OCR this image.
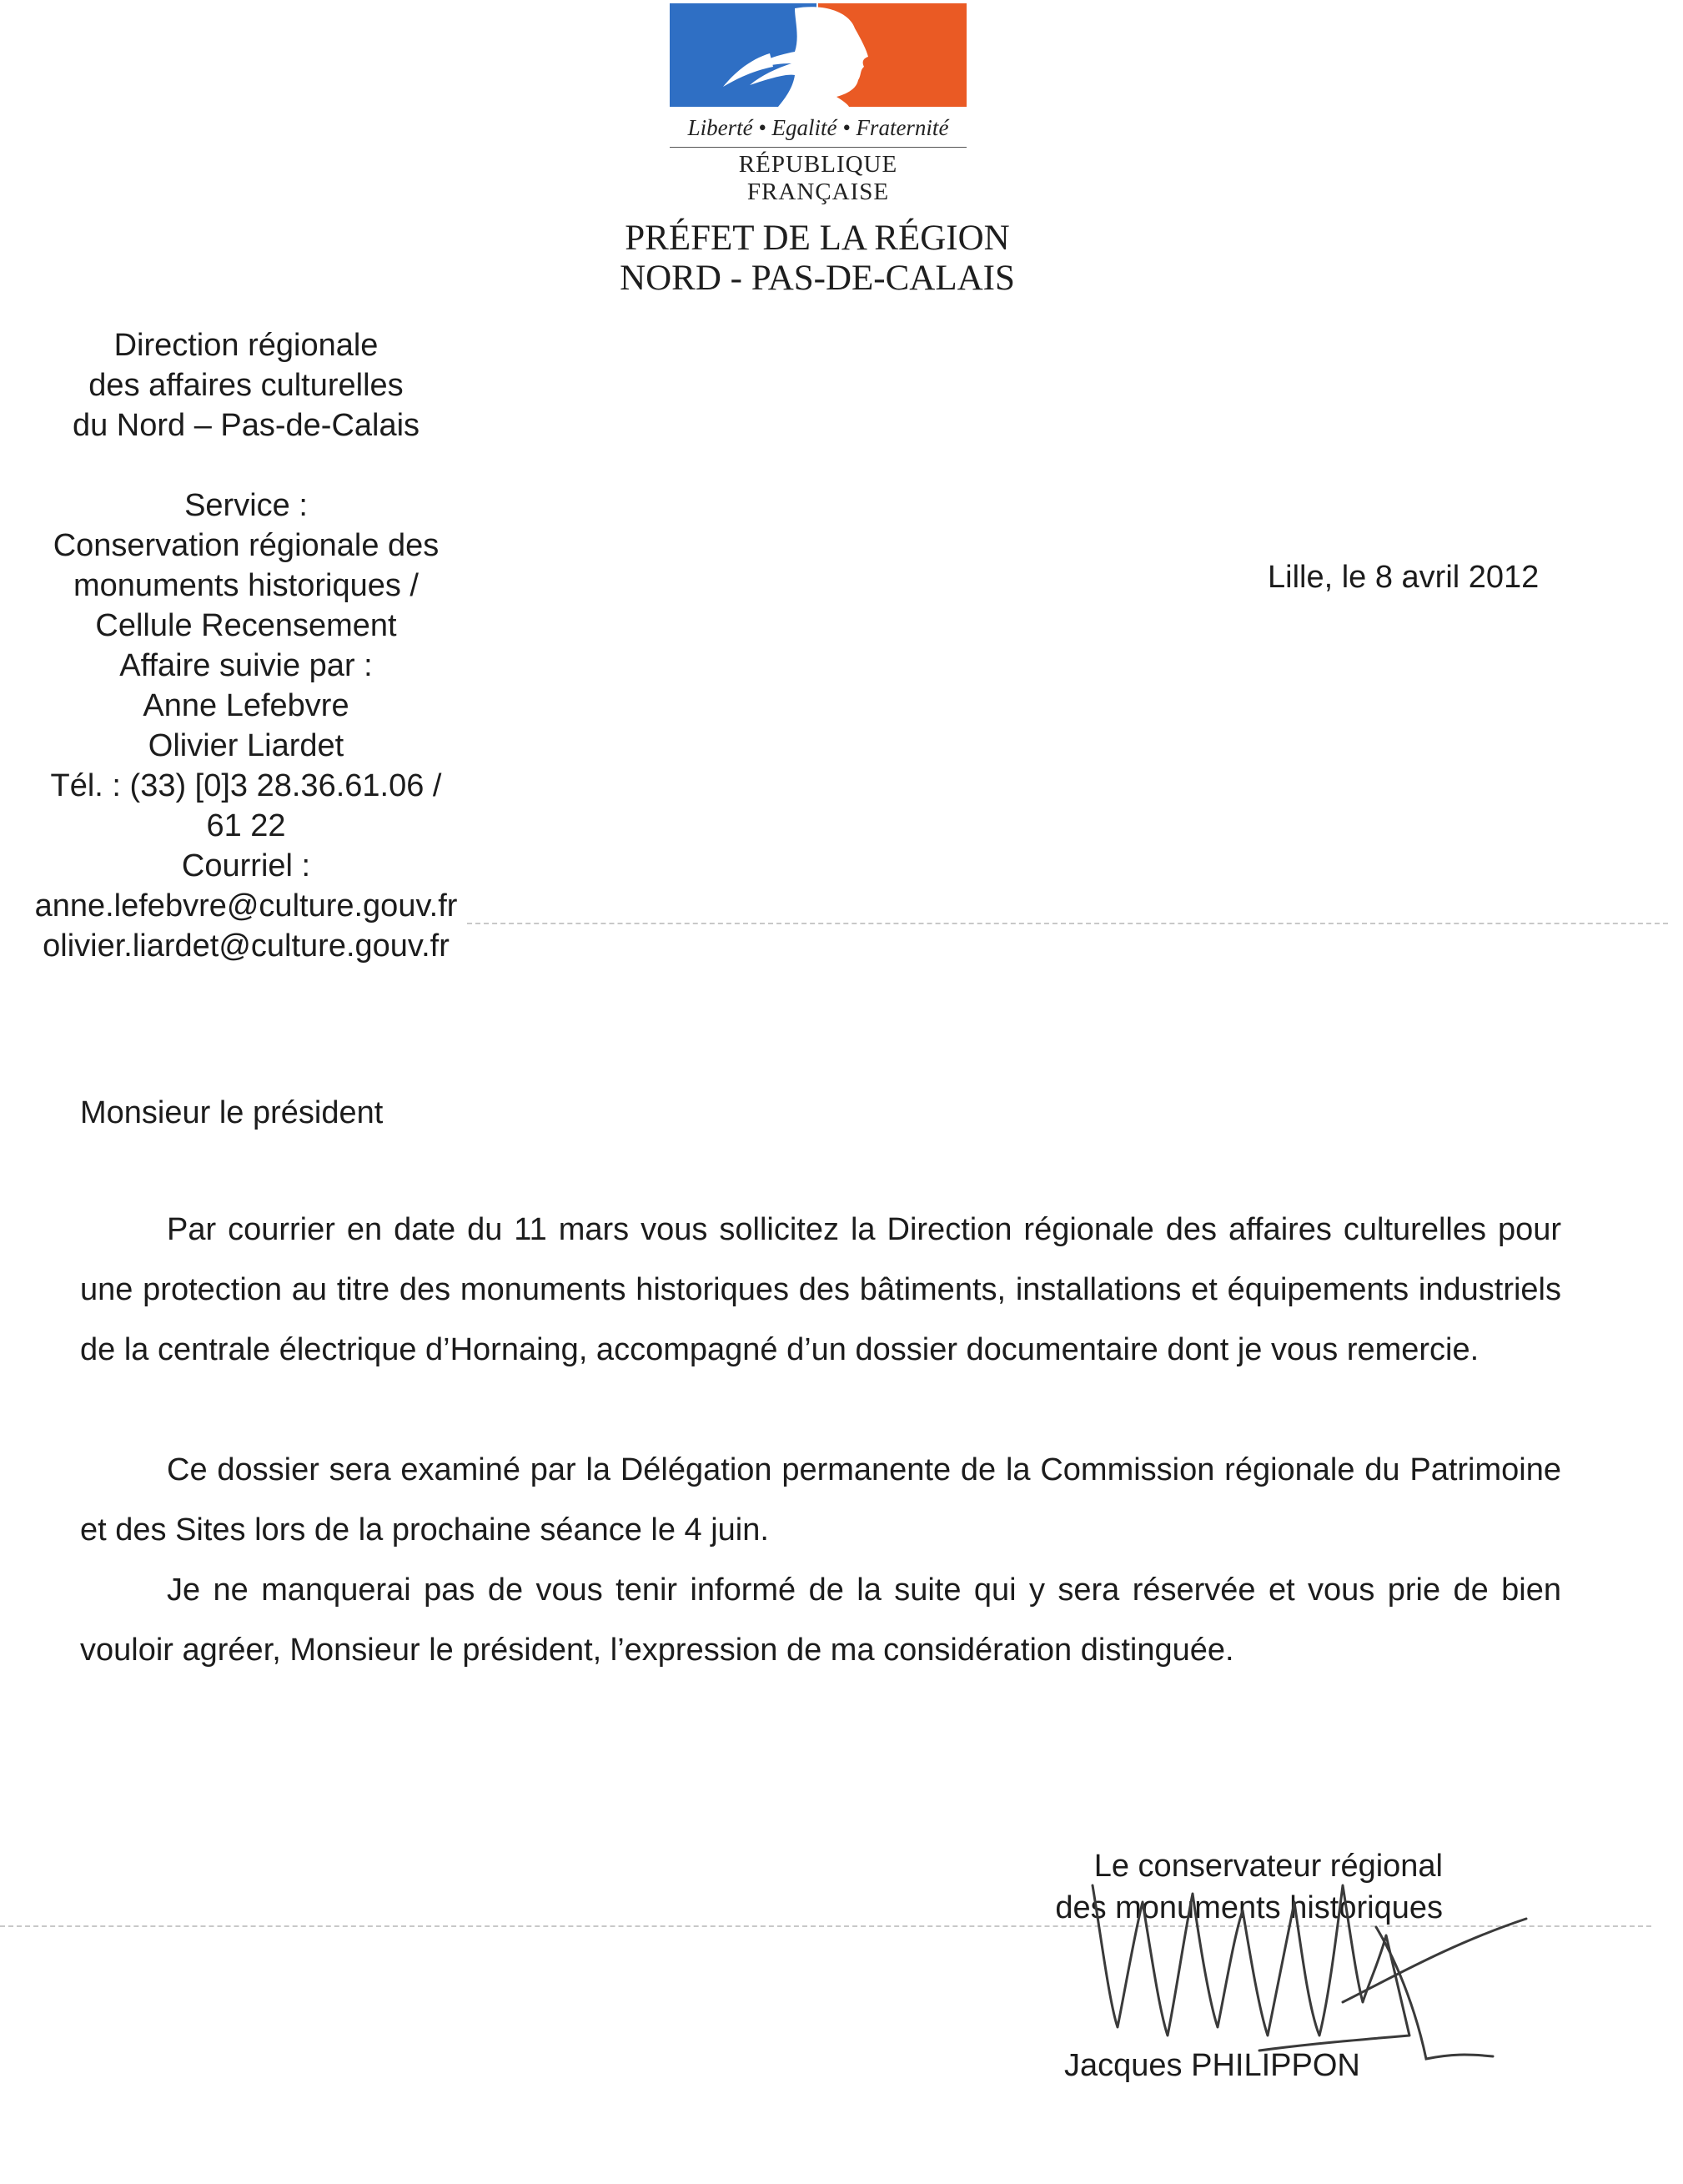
Liberté • Egalité • Fraternité
RÉPUBLIQUE FRANÇAISE
PRÉFET DE LA RÉGION
NORD - PAS-DE-CALAIS
Direction régionale
des affaires culturelles
du Nord – Pas-de-Calais
Service :
Conservation régionale des
monuments historiques /
Cellule Recensement
Affaire suivie par :
Anne Lefebvre
Olivier Liardet
Tél. : (33) [0]3 28.36.61.06 /
61 22
Courriel :
anne.lefebvre@culture.gouv.fr
olivier.liardet@culture.gouv.fr
Lille, le 8 avril 2012
Monsieur le président
Par courrier en date du 11 mars vous sollicitez la Direction régionale des affaires culturelles pour une protection au titre des monuments historiques des bâtiments, installations et équipements industriels de la centrale électrique d’Hornaing, accompagné d’un dossier documentaire dont je vous remercie.
Ce dossier sera examiné par la Délégation permanente de la Commission régionale du Patrimoine et des Sites lors de la prochaine séance le 4 juin.
Je ne manquerai pas de vous tenir informé de la suite qui y sera réservée et vous prie de bien vouloir agréer, Monsieur le président, l’expression de ma considération distinguée.
Le conservateur régional
des monuments historiques
Jacques PHILIPPON
